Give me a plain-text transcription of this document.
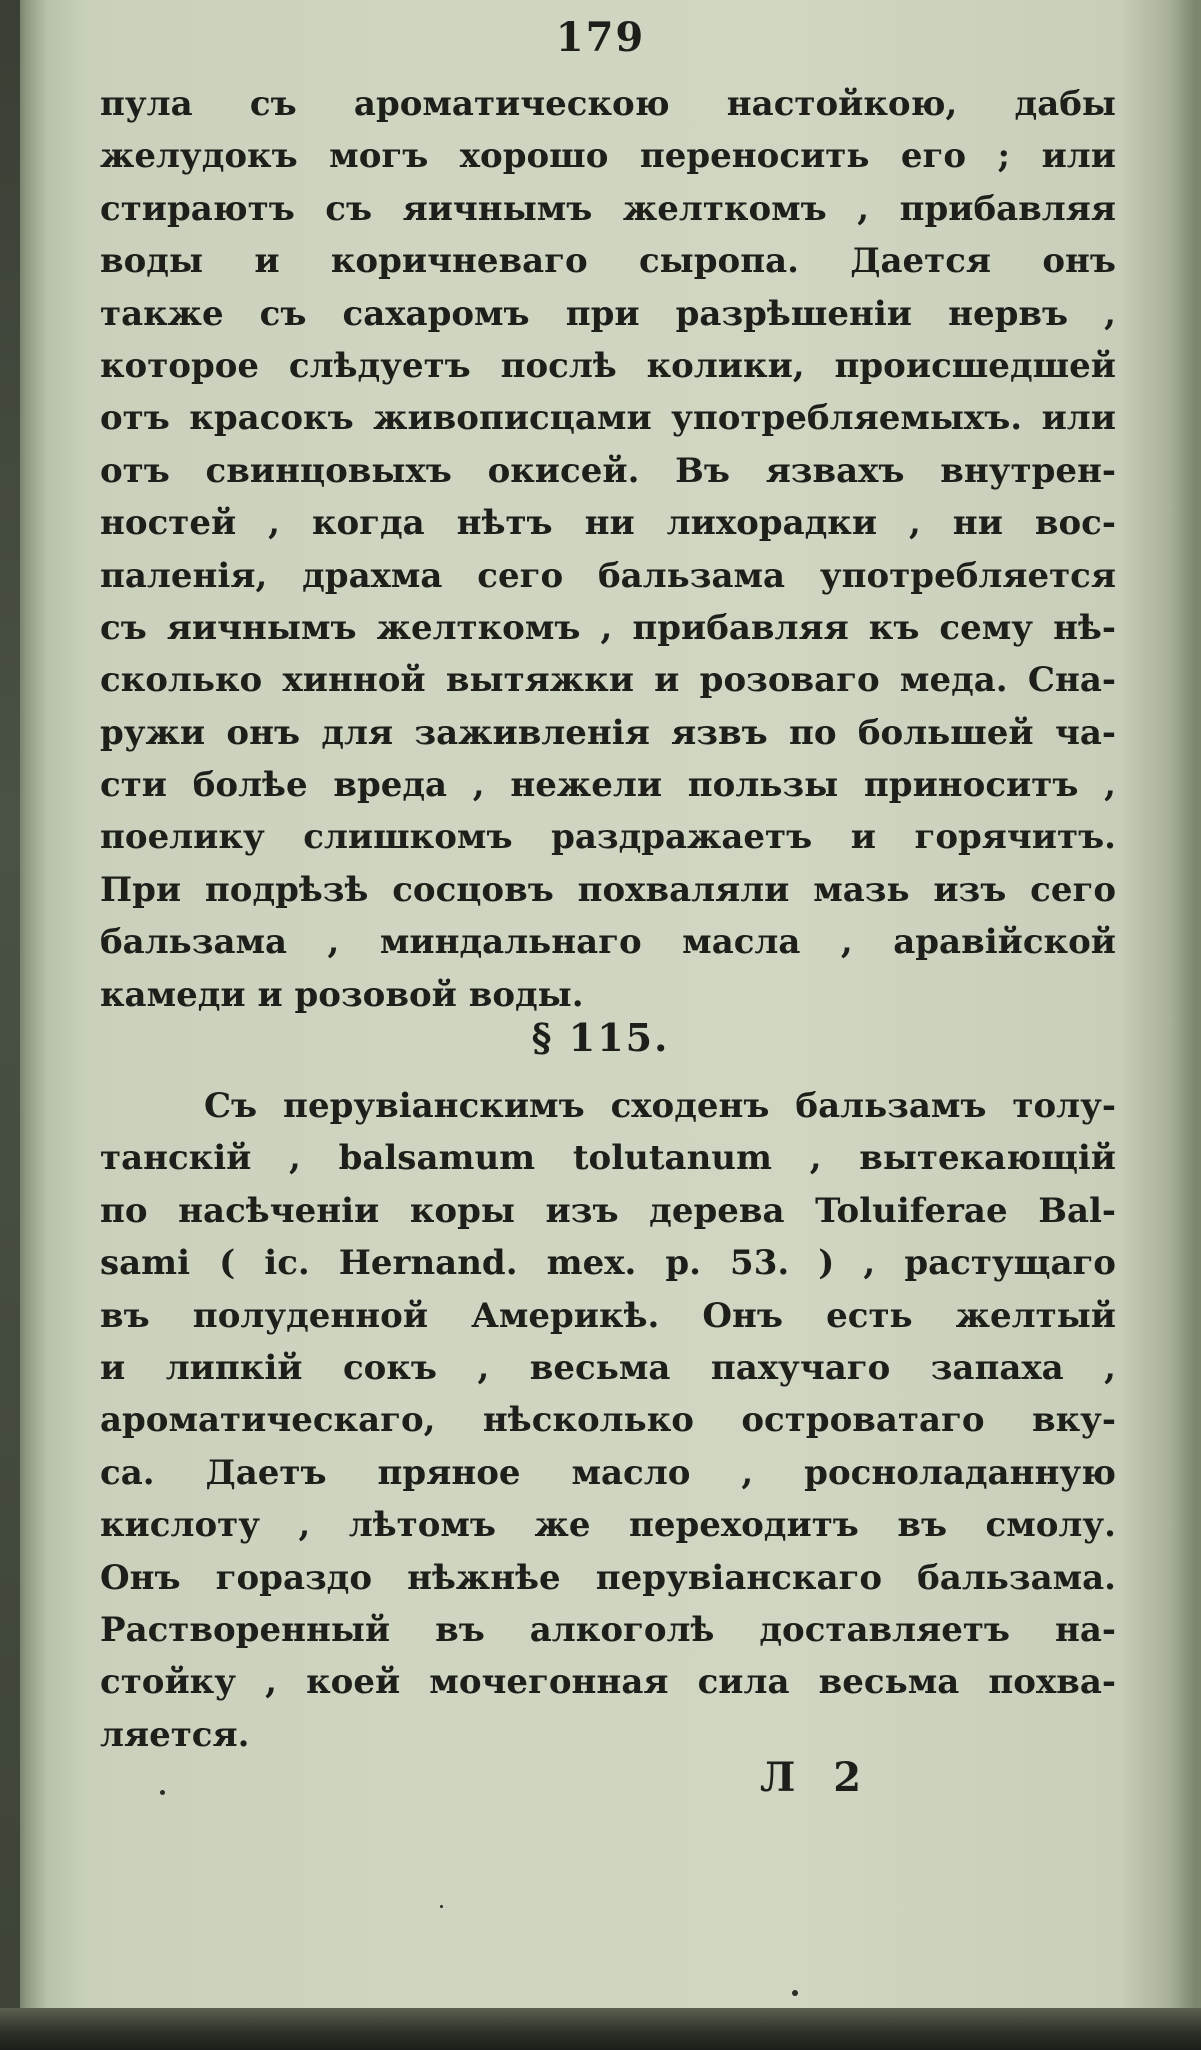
179
пула съ ароматическою настойкою, дабы
желудокъ могъ хорошо переносить его ; или
стираютъ съ яичнымъ желткомъ , прибавляя
воды и коричневаго сыропа. Дается онъ
также съ сахаромъ при разрѣшеніи нервъ ,
которое слѣдуетъ послѣ колики, происшедшей
отъ красокъ живописцами употребляемыхъ. или
отъ свинцовыхъ окисей. Въ язвахъ внутрен-
ностей , когда нѣтъ ни лихорадки , ни вос-
паленія, драхма сего бальзама употребляется
съ яичнымъ желткомъ , прибавляя къ сему нѣ-
сколько хинной вытяжки и розоваго меда. Сна-
ружи онъ для заживленія язвъ по большей ча-
сти болѣе вреда , нежели пользы приноситъ ,
поелику слишкомъ раздражаетъ и горячитъ.
При подрѣзѣ сосцовъ похваляли мазь изъ сего
бальзама , миндальнаго масла , аравійской
камеди и розовой воды.
§ 115.
Съ перувіанскимъ сходенъ бальзамъ толу-
танскій , balsamum tolutanum , вытекающій
по насѣченіи коры изъ дерева Toluiferae Bal-
sami ( ic. Hernand. mex. p. 53. ) , растущаго
въ полуденной Америкѣ. Онъ есть желтый
и липкій сокъ , весьма пахучаго запаха ,
ароматическаго, нѣсколько островатаго вку-
са. Даетъ пряное масло , росноладанную
кислоту , лѣтомъ же переходитъ въ смолу.
Онъ гораздо нѣжнѣе перувіанскаго бальзама.
Растворенный въ алкоголѣ доставляетъ на-
стойку , коей мочегонная сила весьма похва-
ляется.
Л 2
